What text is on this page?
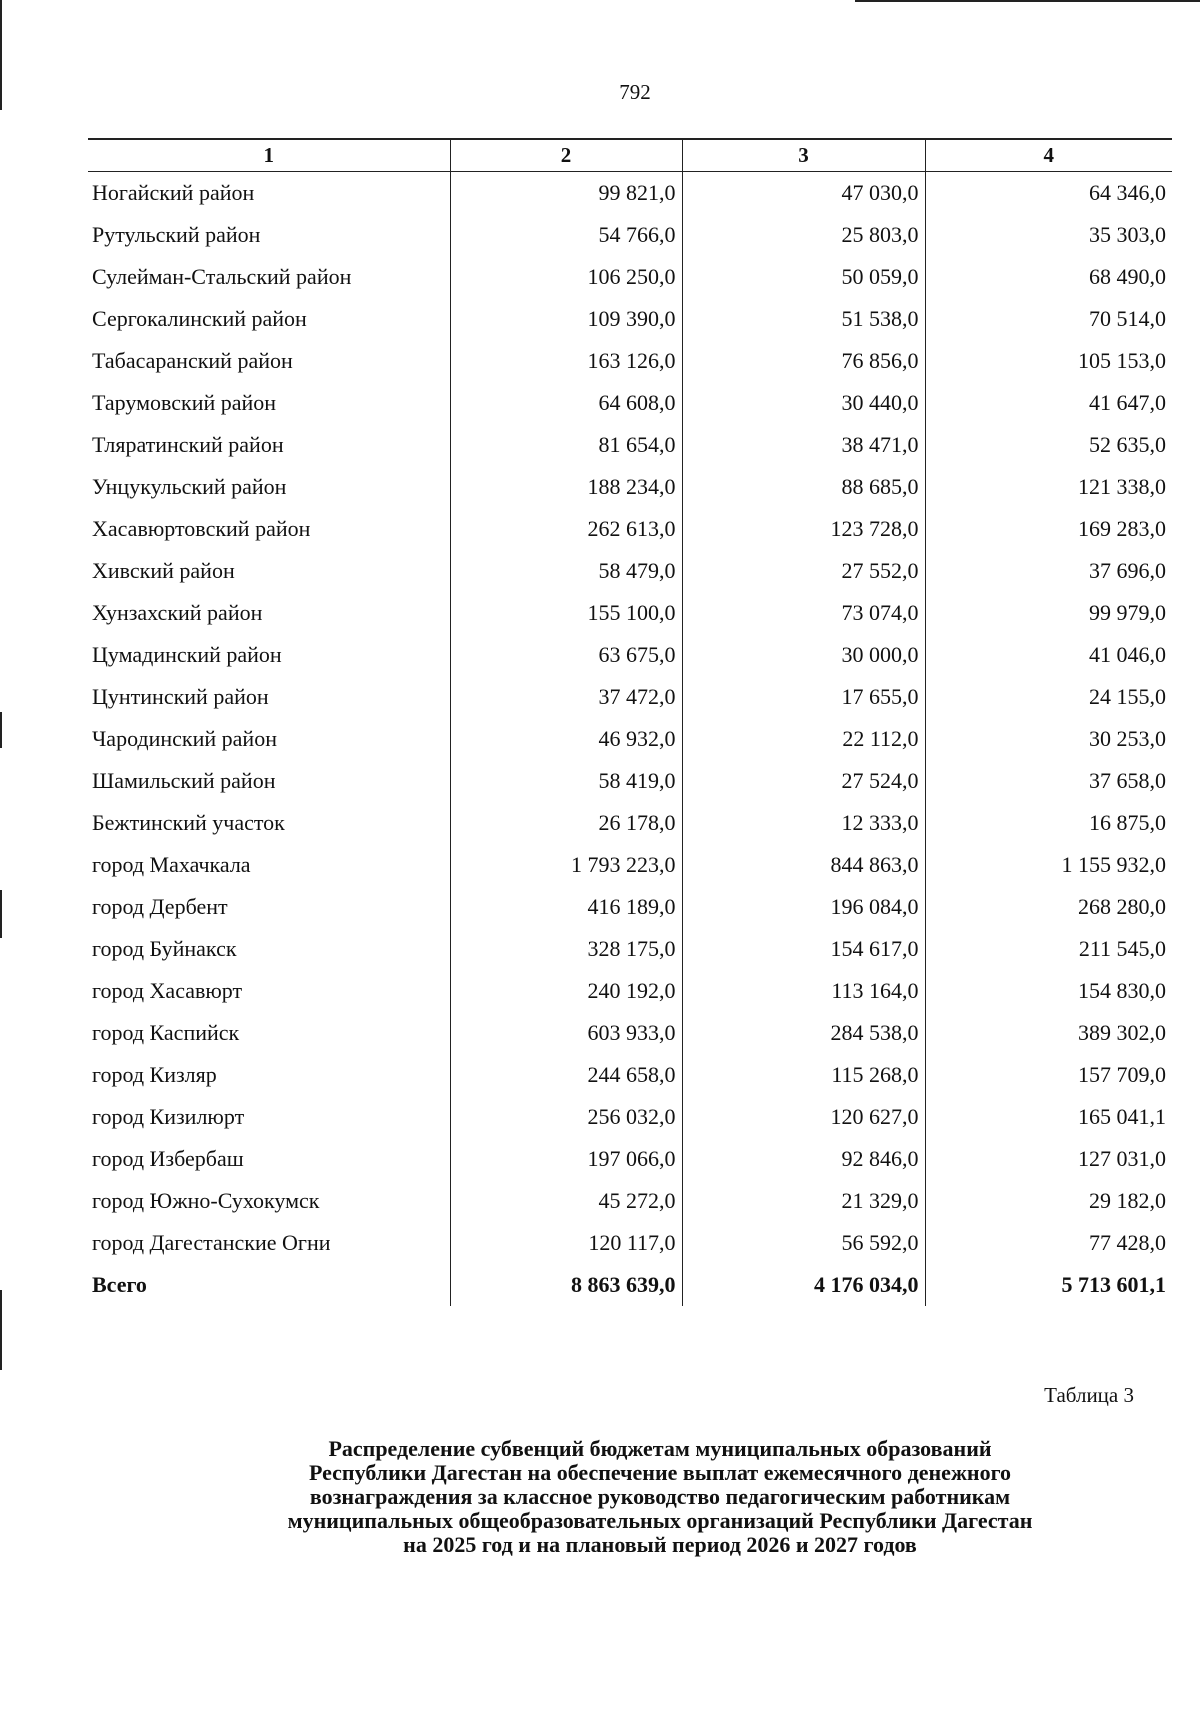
792
1	2	3	4
Ногайский район	99 821,0	47 030,0	64 346,0
Рутульский район	54 766,0	25 803,0	35 303,0
Сулейман-Стальский район	106 250,0	50 059,0	68 490,0
Сергокалинский район	109 390,0	51 538,0	70 514,0
Табасаранский район	163 126,0	76 856,0	105 153,0
Тарумовский район	64 608,0	30 440,0	41 647,0
Тляратинский район	81 654,0	38 471,0	52 635,0
Унцукульский район	188 234,0	88 685,0	121 338,0
Хасавюртовский район	262 613,0	123 728,0	169 283,0
Хивский район	58 479,0	27 552,0	37 696,0
Хунзахский район	155 100,0	73 074,0	99 979,0
Цумадинский район	63 675,0	30 000,0	41 046,0
Цунтинский район	37 472,0	17 655,0	24 155,0
Чародинский район	46 932,0	22 112,0	30 253,0
Шамильский район	58 419,0	27 524,0	37 658,0
Бежтинский участок	26 178,0	12 333,0	16 875,0
город Махачкала	1 793 223,0	844 863,0	1 155 932,0
город Дербент	416 189,0	196 084,0	268 280,0
город Буйнакск	328 175,0	154 617,0	211 545,0
город Хасавюрт	240 192,0	113 164,0	154 830,0
город Каспийск	603 933,0	284 538,0	389 302,0
город Кизляр	244 658,0	115 268,0	157 709,0
город Кизилюрт	256 032,0	120 627,0	165 041,1
город Избербаш	197 066,0	92 846,0	127 031,0
город Южно-Сухокумск	45 272,0	21 329,0	29 182,0
город Дагестанские Огни	120 117,0	56 592,0	77 428,0
Всего	8 863 639,0	4 176 034,0	5 713 601,1
Таблица 3
Распределение субвенций бюджетам муниципальных образований
Республики Дагестан на обеспечение выплат ежемесячного денежного
вознаграждения за классное руководство педагогическим работникам
муниципальных общеобразовательных организаций Республики Дагестан
на 2025 год и на плановый период 2026 и 2027 годов
